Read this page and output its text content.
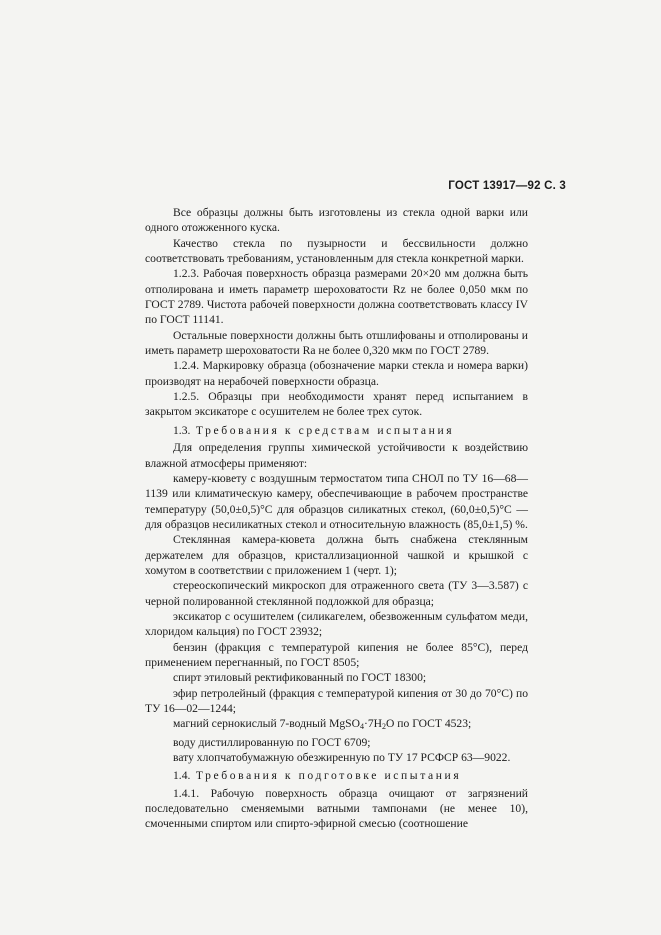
ГОСТ 13917—92 С. 3

Все образцы должны быть изготовлены из стекла одной варки или одного отожженного куска.

Качество стекла по пузырности и бессвильности должно соответствовать требованиям, установленным для стекла конкретной марки.

1.2.3. Рабочая поверхность образца размерами 20×20 мм должна быть отполирована и иметь параметр шероховатости Rz не более 0,050 мкм по ГОСТ 2789. Чистота рабочей поверхности должна соответствовать классу IV по ГОСТ 11141.

Остальные поверхности должны быть отшлифованы и отполированы и иметь параметр шероховатости Ra не более 0,320 мкм по ГОСТ 2789.

1.2.4. Маркировку образца (обозначение марки стекла и номера варки) производят на нерабочей поверхности образца.

1.2.5. Образцы при необходимости хранят перед испытанием в закрытом эксикаторе с осушителем не более трех суток.

1.3. Требования к средствам испытания

Для определения группы химической устойчивости к воздействию влажной атмосферы применяют:

камеру-кювету с воздушным термостатом типа СНОЛ по ТУ 16—68—1139 или климатическую камеру, обеспечивающие в рабочем пространстве температуру (50,0±0,5)°С для образцов силикатных стекол, (60,0±0,5)°С — для образцов несиликатных стекол и относительную влажность (85,0±1,5) %.

Стеклянная камера-кювета должна быть снабжена стеклянным держателем для образцов, кристаллизационной чашкой и крышкой с хомутом в соответствии с приложением 1 (черт. 1);

стереоскопический микроскоп для отраженного света (ТУ 3—3.587) с черной полированной стеклянной подложкой для образца;

эксикатор с осушителем (силикагелем, обезвоженным сульфатом меди, хлоридом кальция) по ГОСТ 23932;

бензин (фракция с температурой кипения не более 85°С), перед применением перегнанный, по ГОСТ 8505;

спирт этиловый ректификованный по ГОСТ 18300;

эфир петролейный (фракция с температурой кипения от 30 до 70°С) по ТУ 16—02—1244;

магний сернокислый 7-водный $MgSO_4\cdot 7H_2O$ по ГОСТ 4523;

воду дистиллированную по ГОСТ 6709;

вату хлопчатобумажную обезжиренную по ТУ 17 РСФСР 63—9022.

1.4. Требования к подготовке испытания

1.4.1. Рабочую поверхность образца очищают от загрязнений последовательно сменяемыми ватными тампонами (не менее 10), смоченными спиртом или спирто-эфирной смесью (соотношение
